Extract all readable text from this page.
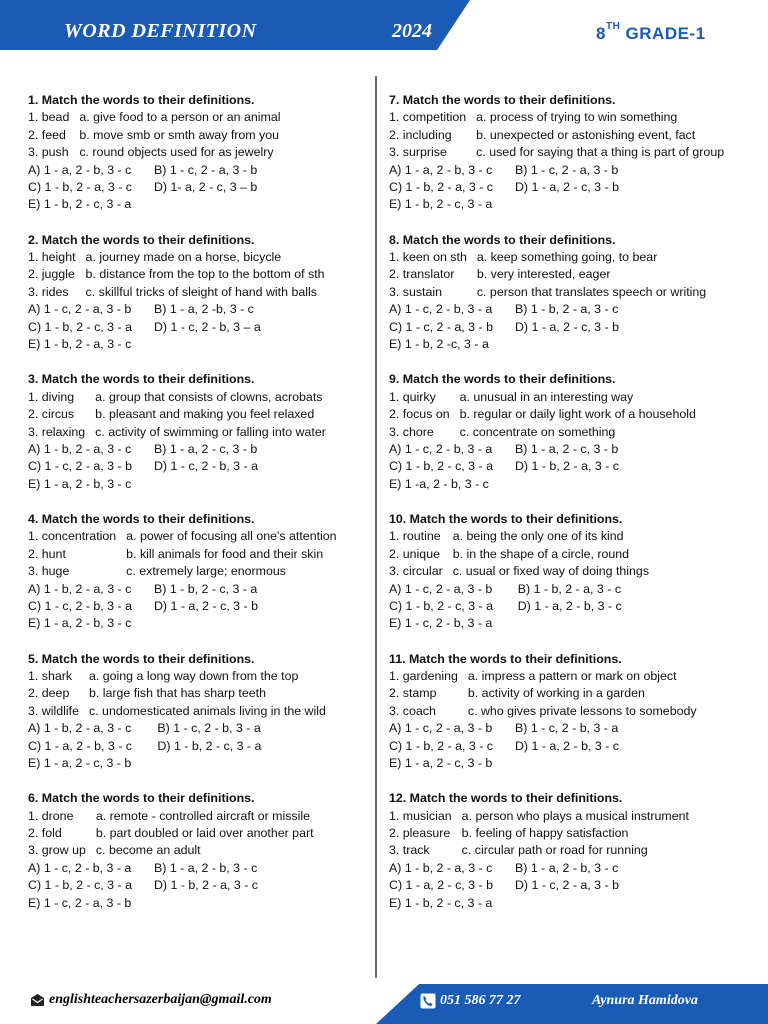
WORD DEFINITION	2024	8TH GRADE-1
1. Match the words to their definitions.
1. bead a. give food to a person or an animal
2. feed	b. move smb or smth away from you
3. push c. round objects used for as jewelry
A) 1 - a, 2 - b, 3 - c	B) 1 - c, 2 - a, 3 - b
C) 1 - b, 2 - a, 3 - c	D) 1- a, 2 - c, 3 – b
E) 1 - b, 2 - c, 3 - a
2. Match the words to their definitions.
1. height a. journey made on a horse, bicycle
2. juggle b. distance from the top to the bottom of sth
3. rides	c. skillful tricks of sleight of hand with balls
A) 1 - c, 2 - a, 3 - b	B) 1 - a, 2 -b, 3 - c
C) 1 - b, 2 - c, 3 - a	D) 1 - c, 2 - b, 3 – a
E) 1 - b, 2 - a, 3 - c
3. Match the words to their definitions.
1. diving	a. group that consists of clowns, acrobats
2. circus	b. pleasant and making you feel relaxed
3. relaxing c. activity of swimming or falling into water
A) 1 - b, 2 - a, 3 - c	B) 1 - a, 2 - c, 3 - b
C) 1 - c, 2 - a, 3 - b	D) 1 - c, 2 - b, 3 - a
E) 1 - a, 2 - b, 3 - c
4. Match the words to their definitions.
1. concentration a. power of focusing all one's attention
2. hunt	b. kill animals for food and their skin
3. huge	c. extremely large; enormous
A) 1 - b, 2 - a, 3 - c	B) 1 - b, 2 - c, 3 - a
C) 1 - c, 2 - b, 3 - a	D) 1 - a, 2 - c, 3 - b
E) 1 - a, 2 - b, 3 - c
5. Match the words to their definitions.
1. shark	a. going a long way down from the top
2. deep	b. large fish that has sharp teeth
3. wildlife c. undomesticated animals living in the wild
A) 1 - b, 2 - a, 3 - c	B) 1 - c, 2 - b, 3 - a
C) 1 - a, 2 - b, 3 - c	D) 1 - b, 2 - c, 3 - a
E) 1 - a, 2 - c, 3 - b
6. Match the words to their definitions.
1. drone	a. remote - controlled aircraft or missile
2. fold	b. part doubled or laid over another part
3. grow up c. become an adult
A) 1 - c, 2 - b, 3 - a	B) 1 - a, 2 - b, 3 - c
C) 1 - b, 2 - c, 3 - a	D) 1 - b, 2 - a, 3 - c
E) 1 - c, 2 - a, 3 - b
7. Match the words to their definitions.
1. competition a. process of trying to win something
2. including	b. unexpected or astonishing event, fact
3. surprise	c. used for saying that a thing is part of group
A) 1 - a, 2 - b, 3 - c	B) 1 - c, 2 - a, 3 - b
C) 1 - b, 2 - a, 3 - c	D) 1 - a, 2 - c, 3 - b
E) 1 - b, 2 - c, 3 - a
8. Match the words to their definitions.
1. keen on sth a. keep something going, to bear
2. translator	b. very interested, eager
3. sustain	c. person that translates speech or writing
A) 1 - c, 2 - b, 3 - a	B) 1 - b, 2 - a, 3 - c
C) 1 - c, 2 - a, 3 - b	D) 1 - a, 2 - c, 3 - b
E) 1 - b, 2 -c, 3 - a
9. Match the words to their definitions.
1. quirky	a. unusual in an interesting way
2. focus on b. regular or daily light work of a household
3. chore	c. concentrate on something
A) 1 - c, 2 - b, 3 - a	B) 1 - a, 2 - c, 3 - b
C) 1 - b, 2 - c, 3 - a	D) 1 - b, 2 - a, 3 - c
E) 1 -a, 2 - b, 3 - c
10. Match the words to their definitions.
1. routine a. being the only one of its kind
2. unique	b. in the shape of a circle, round
3. circular c. usual or fixed way of doing things
A) 1 - c, 2 - a, 3 - b	B) 1 - b, 2 - a, 3 - c
C) 1 - b, 2 - c, 3 - a	D) 1 - a, 2 - b, 3 - c
E) 1 - c, 2 - b, 3 - a
11. Match the words to their definitions.
1. gardening a. impress a pattern or mark on object
2. stamp	b. activity of working in a garden
3. coach	c. who gives private lessons to somebody
A) 1 - c, 2 - a, 3 - b	B) 1 - c, 2 - b, 3 - a
C) 1 - b, 2 - a, 3 - c	D) 1 - a, 2 - b, 3 - c
E) 1 - a, 2 - c, 3 - b
12. Match the words to their definitions.
1. musician a. person who plays a musical instrument
2. pleasure b. feeling of happy satisfaction
3. track	c. circular path or road for running
A) 1 - b, 2 - a, 3 - c	B) 1 - a, 2 - b, 3 - c
C) 1 - a, 2 - c, 3 - b	D) 1 - c, 2 - a, 3 - b
E) 1 - b, 2 - c, 3 - a
englishteachersazerbaijan@gmail.com	051 586 77 27	Aynura Hamidova
